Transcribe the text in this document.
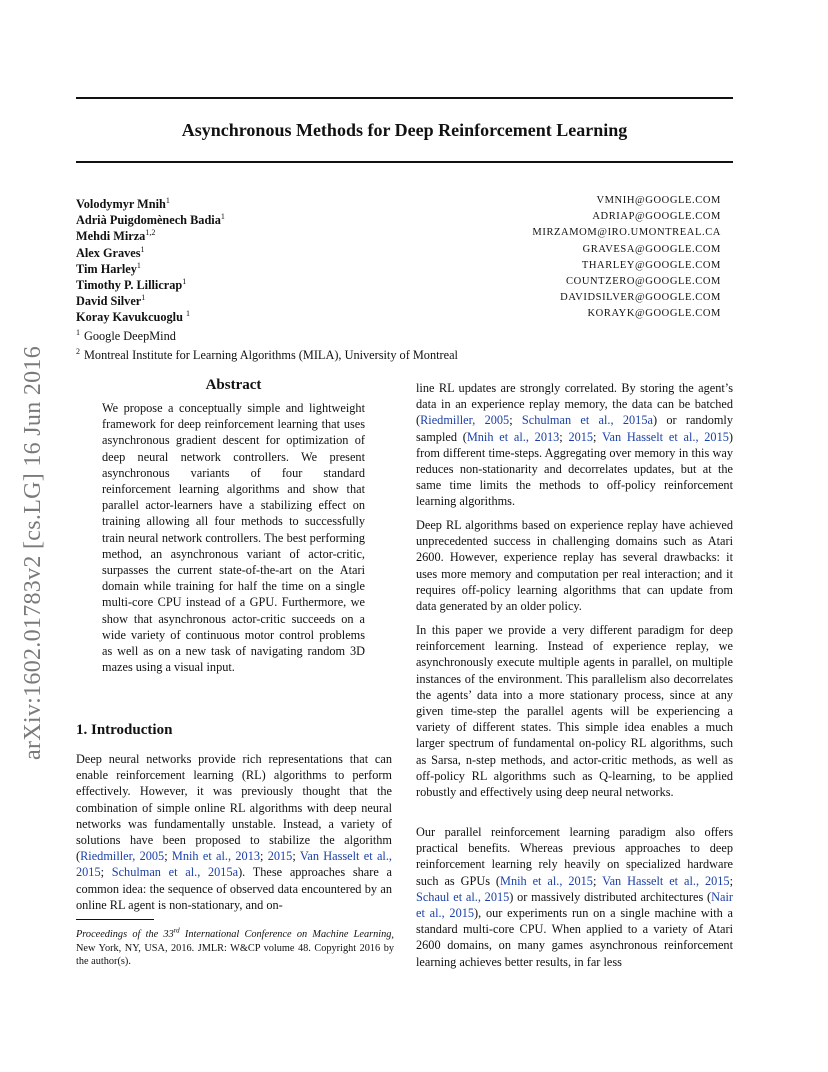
Asynchronous Methods for Deep Reinforcement Learning
Volodymyr Mnih$^1$	VMNIH@GOOGLE.COM
Adrià Puigdomènech Badia$^1$	ADRIAP@GOOGLE.COM
Mehdi Mirza$^{1,2}$	MIRZAMOM@IRO.UMONTREAL.CA
Alex Graves$^1$	GRAVESA@GOOGLE.COM
Tim Harley$^1$	THARLEY@GOOGLE.COM
Timothy P. Lillicrap$^1$	COUNTZERO@GOOGLE.COM
David Silver$^1$	DAVIDSILVER@GOOGLE.COM
Koray Kavukcuoglu $^1$	KORAYK@GOOGLE.COM
$^1$ Google DeepMind
$^2$ Montreal Institute for Learning Algorithms (MILA), University of Montreal
arXiv:1602.01783v2 [cs.LG] 16 Jun 2016	Abstract
We propose a conceptually simple and lightweight framework for deep reinforcement learning that uses asynchronous gradient descent for optimization of deep neural network controllers. We present asynchronous variants of four standard reinforcement learning algorithms and show that parallel actor-learners have a stabilizing effect on training allowing all four methods to successfully train neural network controllers. The best performing method, an asynchronous variant of actor-critic, surpasses the current state-of-the-art on the Atari domain while training for half the time on a single multi-core CPU instead of a GPU. Furthermore, we show that asynchronous actor-critic succeeds on a wide variety of continuous motor control problems as well as on a new task of navigating random 3D mazes using a visual input.
1. Introduction
Deep neural networks provide rich representations that can enable reinforcement learning (RL) algorithms to perform effectively. However, it was previously thought that the combination of simple online RL algorithms with deep neural networks was fundamentally unstable. Instead, a variety of solutions have been proposed to stabilize the algorithm (Riedmiller, 2005; Mnih et al., 2013; 2015; Van Hasselt et al., 2015; Schulman et al., 2015a). These approaches share a common idea: the sequence of observed data encountered by an online RL agent is non-stationary, and on-
Proceedings of the 33rd International Conference on Machine Learning, New York, NY, USA, 2016. JMLR: W&CP volume 48. Copyright 2016 by the author(s).
line RL updates are strongly correlated. By storing the agent’s data in an experience replay memory, the data can be batched (Riedmiller, 2005; Schulman et al., 2015a) or randomly sampled (Mnih et al., 2013; 2015; Van Hasselt et al., 2015) from different time-steps. Aggregating over memory in this way reduces non-stationarity and decorrelates updates, but at the same time limits the methods to off-policy reinforcement learning algorithms.
Deep RL algorithms based on experience replay have achieved unprecedented success in challenging domains such as Atari 2600. However, experience replay has several drawbacks: it uses more memory and computation per real interaction; and it requires off-policy learning algorithms that can update from data generated by an older policy.
In this paper we provide a very different paradigm for deep reinforcement learning. Instead of experience replay, we asynchronously execute multiple agents in parallel, on multiple instances of the environment. This parallelism also decorrelates the agents’ data into a more stationary process, since at any given time-step the parallel agents will be experiencing a variety of different states. This simple idea enables a much larger spectrum of fundamental on-policy RL algorithms, such as Sarsa, n-step methods, and actor-critic methods, as well as off-policy RL algorithms such as Q-learning, to be applied robustly and effectively using deep neural networks.
Our parallel reinforcement learning paradigm also offers practical benefits. Whereas previous approaches to deep reinforcement learning rely heavily on specialized hardware such as GPUs (Mnih et al., 2015; Van Hasselt et al., 2015; Schaul et al., 2015) or massively distributed architectures (Nair et al., 2015), our experiments run on a single machine with a standard multi-core CPU. When applied to a variety of Atari 2600 domains, on many games asynchronous reinforcement learning achieves better results, in far less
